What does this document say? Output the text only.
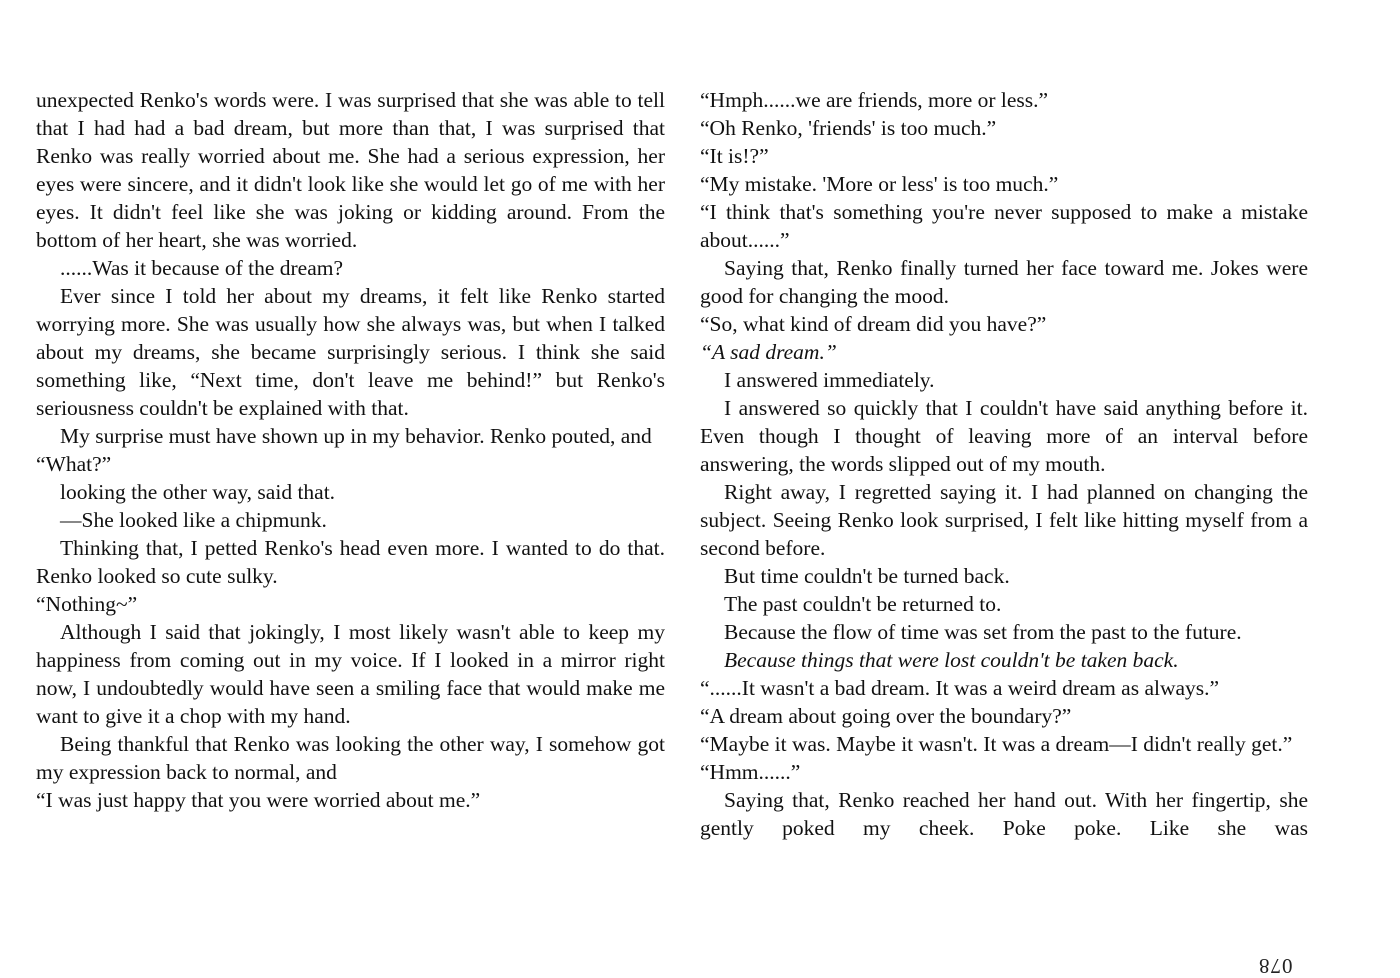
unexpected Renko's words were. I was surprised that she was able to tell that I had had a bad dream, but more than that, I was surprised that Renko was really worried about me. She had a serious expression, her eyes were sincere, and it didn't look like she would let go of me with her eyes. It didn't feel like she was joking or kidding around. From the bottom of her heart, she was worried.

......Was it because of the dream?

Ever since I told her about my dreams, it felt like Renko started worrying more. She was usually how she always was, but when I talked about my dreams, she became surprisingly serious. I think she said something like, “Next time, don't leave me behind!” but Renko's seriousness couldn't be explained with that.

My surprise must have shown up in my behavior. Renko pouted, and

“What?”

looking the other way, said that.

—She looked like a chipmunk.

Thinking that, I petted Renko's head even more. I wanted to do that. Renko looked so cute sulky.

“Nothing~”

Although I said that jokingly, I most likely wasn't able to keep my happiness from coming out in my voice. If I looked in a mirror right now, I undoubtedly would have seen a smiling face that would make me want to give it a chop with my hand.

Being thankful that Renko was looking the other way, I somehow got my expression back to normal, and

“I was just happy that you were worried about me.”

“Hmph......we are friends, more or less.”

“Oh Renko, 'friends' is too much.”

“It is!?”

“My mistake. 'More or less' is too much.”

“I think that's something you're never supposed to make a mistake about......”

Saying that, Renko finally turned her face toward me. Jokes were good for changing the mood.

“So, what kind of dream did you have?”

“A sad dream.”

I answered immediately.

I answered so quickly that I couldn't have said anything before it. Even though I thought of leaving more of an interval before answering, the words slipped out of my mouth.

Right away, I regretted saying it. I had planned on changing the subject. Seeing Renko look surprised, I felt like hitting myself from a second before.

But time couldn't be turned back.

The past couldn't be returned to.

Because the flow of time was set from the past to the future.

Because things that were lost couldn't be taken back.

“......It wasn't a bad dream. It was a weird dream as always.”

“A dream about going over the boundary?”

“Maybe it was. Maybe it wasn't. It was a dream—I didn't really get.”

“Hmm......”

Saying that, Renko reached her hand out. With her fingertip, she gently poked my cheek. Poke poke. Like she was

078
